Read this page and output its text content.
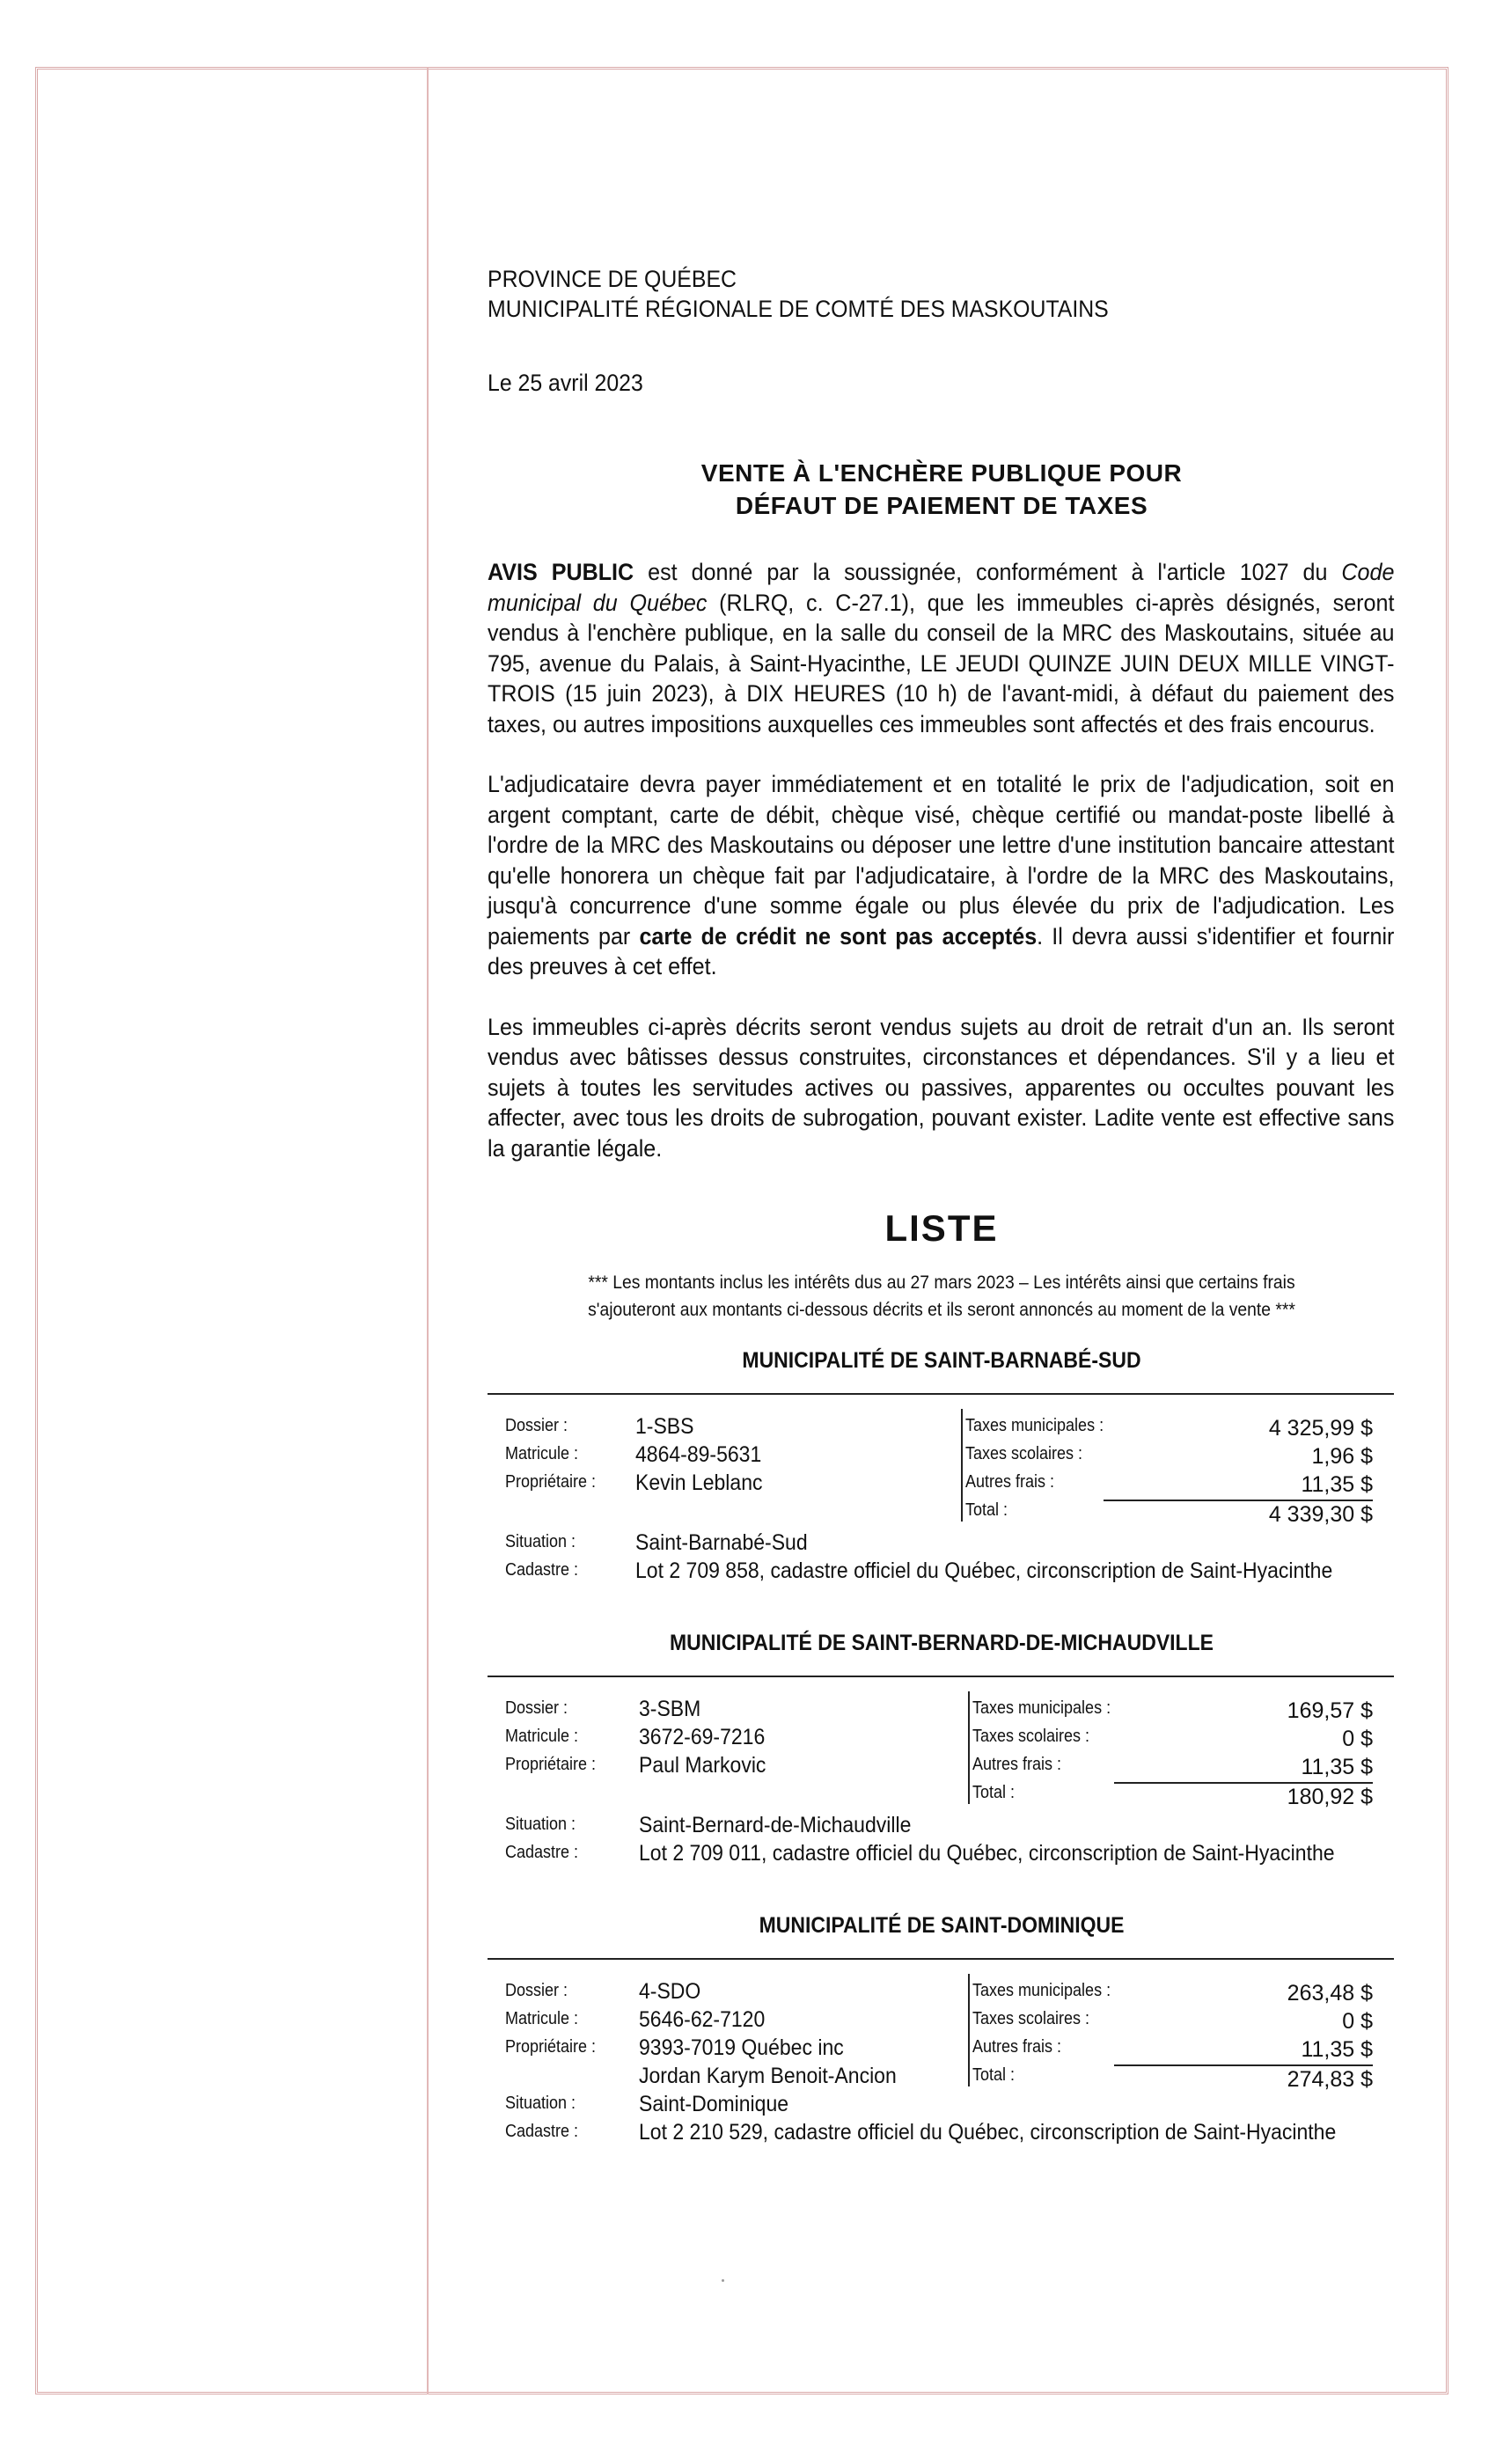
PROVINCE DE QUÉBEC
MUNICIPALITÉ RÉGIONALE DE COMTÉ DES MASKOUTAINS
Le 25 avril 2023
VENTE À L'ENCHÈRE PUBLIQUE POUR
DÉFAUT DE PAIEMENT DE TAXES
AVIS PUBLIC est donné par la soussignée, conformément à l'article 1027 du Code municipal du Québec (RLRQ, c. C-27.1), que les immeubles ci-après désignés, seront vendus à l'enchère publique, en la salle du conseil de la MRC des Maskoutains, située au 795, avenue du Palais, à Saint-Hyacinthe, LE JEUDI QUINZE JUIN DEUX MILLE VINGT-TROIS (15 juin 2023), à DIX HEURES (10 h) de l'avant-midi, à défaut du paiement des taxes, ou autres impositions auxquelles ces immeubles sont affectés et des frais encourus.
L'adjudicataire devra payer immédiatement et en totalité le prix de l'adjudication, soit en argent comptant, carte de débit, chèque visé, chèque certifié ou mandat-poste libellé à l'ordre de la MRC des Maskoutains ou déposer une lettre d'une institution bancaire attestant qu'elle honorera un chèque fait par l'adjudicataire, à l'ordre de la MRC des Maskoutains, jusqu'à concurrence d'une somme égale ou plus élevée du prix de l'adjudication. Les paiements par carte de crédit ne sont pas acceptés. Il devra aussi s'identifier et fournir des preuves à cet effet.
Les immeubles ci-après décrits seront vendus sujets au droit de retrait d'un an. Ils seront vendus avec bâtisses dessus construites, circonstances et dépendances. S'il y a lieu et sujets à toutes les servitudes actives ou passives, apparentes ou occultes pouvant les affecter, avec tous les droits de subrogation, pouvant exister. Ladite vente est effective sans la garantie légale.
LISTE
*** Les montants inclus les intérêts dus au 27 mars 2023 – Les intérêts ainsi que certains frais
s'ajouteront aux montants ci-dessous décrits et ils seront annoncés au moment de la vente ***
MUNICIPALITÉ DE SAINT-BARNABÉ-SUD
Dossier :
Matricule :
Propriétaire :
1-SBS
4864-89-5631
Kevin Leblanc
Taxes municipales :
Taxes scolaires :
Autres frais :
Total :
4 325,99 $
1,96 $
11,35 $
4 339,30 $
Situation :
Cadastre :
Saint-Barnabé-Sud
Lot 2 709 858, cadastre officiel du Québec, circonscription de Saint-Hyacinthe
MUNICIPALITÉ DE SAINT-BERNARD-DE-MICHAUDVILLE
Dossier :
Matricule :
Propriétaire :
3-SBM
3672-69-7216
Paul Markovic
Taxes municipales :
Taxes scolaires :
Autres frais :
Total :
169,57 $
0 $
11,35 $
180,92 $
Situation :
Cadastre :
Saint-Bernard-de-Michaudville
Lot 2 709 011, cadastre officiel du Québec, circonscription de Saint-Hyacinthe
MUNICIPALITÉ DE SAINT-DOMINIQUE
Dossier :
Matricule :
Propriétaire :
4-SDO
5646-62-7120
9393-7019 Québec inc
Jordan Karym Benoit-Ancion
Taxes municipales :
Taxes scolaires :
Autres frais :
Total :
263,48 $
0 $
11,35 $
274,83 $
Situation :
Cadastre :
Saint-Dominique
Lot 2 210 529, cadastre officiel du Québec, circonscription de Saint-Hyacinthe
